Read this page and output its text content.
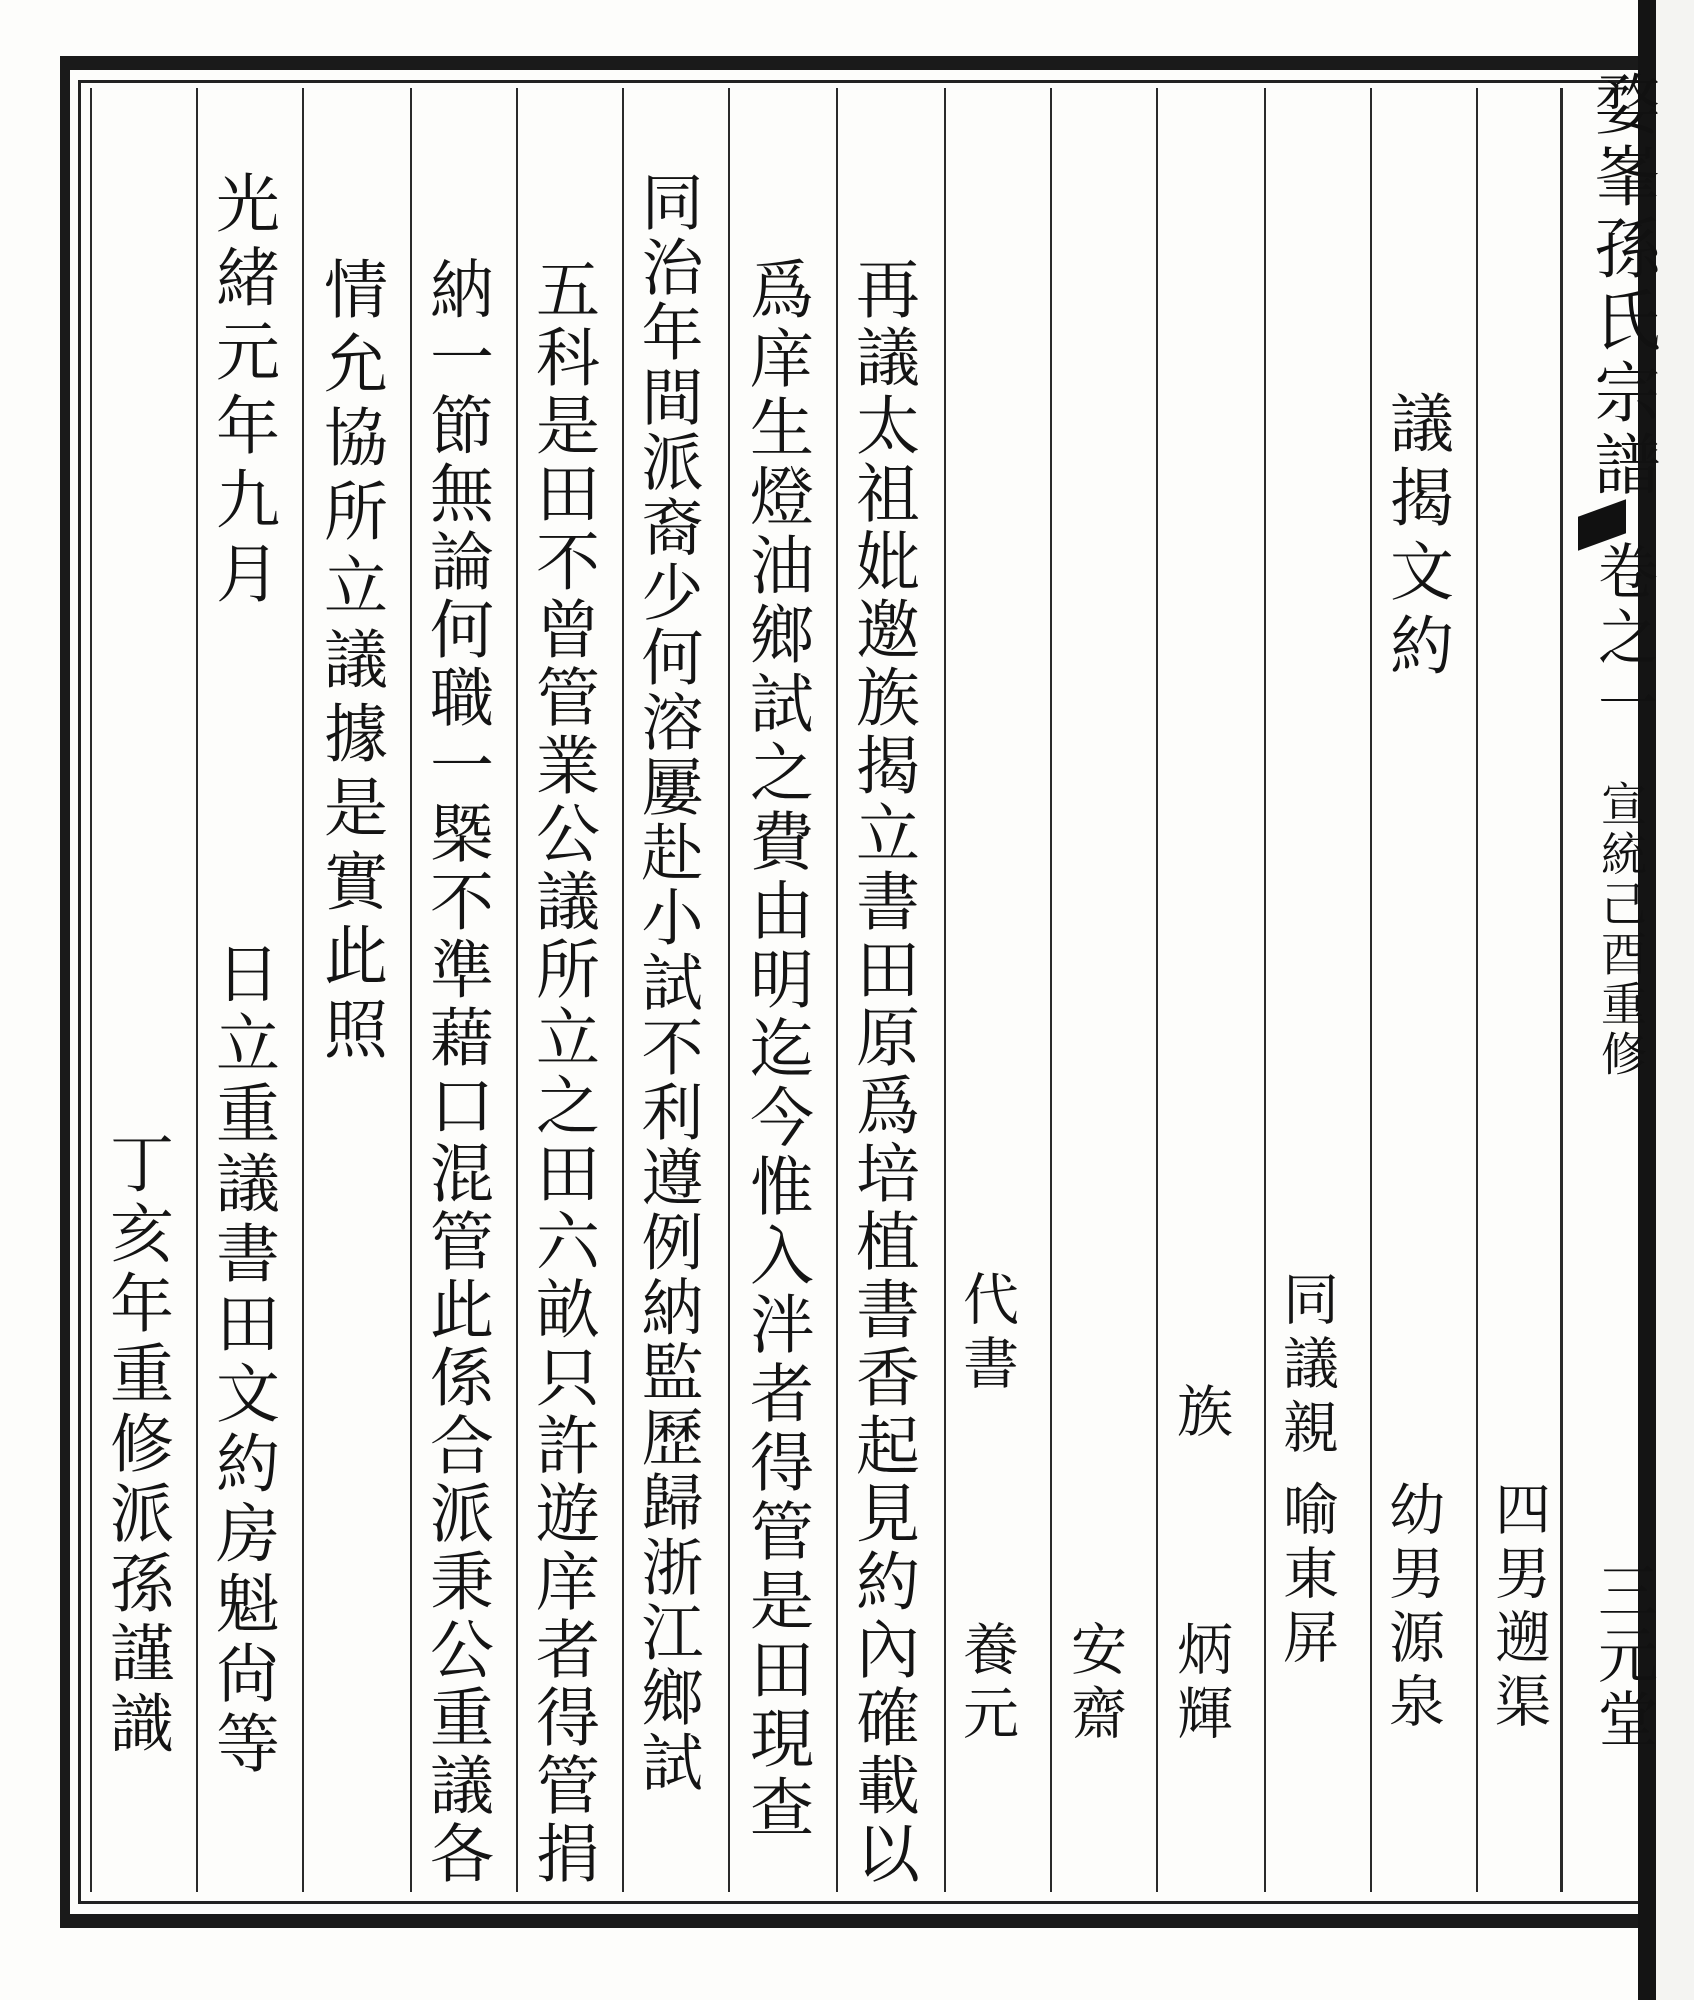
婺峯孫氏宗譜
卷之一
宣統己酉重修
三元堂
四男遡渠
議揭文約
幼男源泉
同議親
喻東屏
族
炳輝
安齋
代書
養元
再議太祖妣邀族揭立書田原爲培植書香起見約內確載以
爲庠生燈油鄉試之費由明迄今惟入泮者得管是田現查
同治年間派裔少何溶屢赴小試不利遵例納監歷歸浙江鄉試
五科是田不曾管業公議所立之田六畝只許遊庠者得管捐
納一節無論何職一槩不準藉口混管此係合派秉公重議各
情允協所立議據是實此照
光緒元年九月
日立重議書田文約房魁尙等
丁亥年重修派孫謹識
